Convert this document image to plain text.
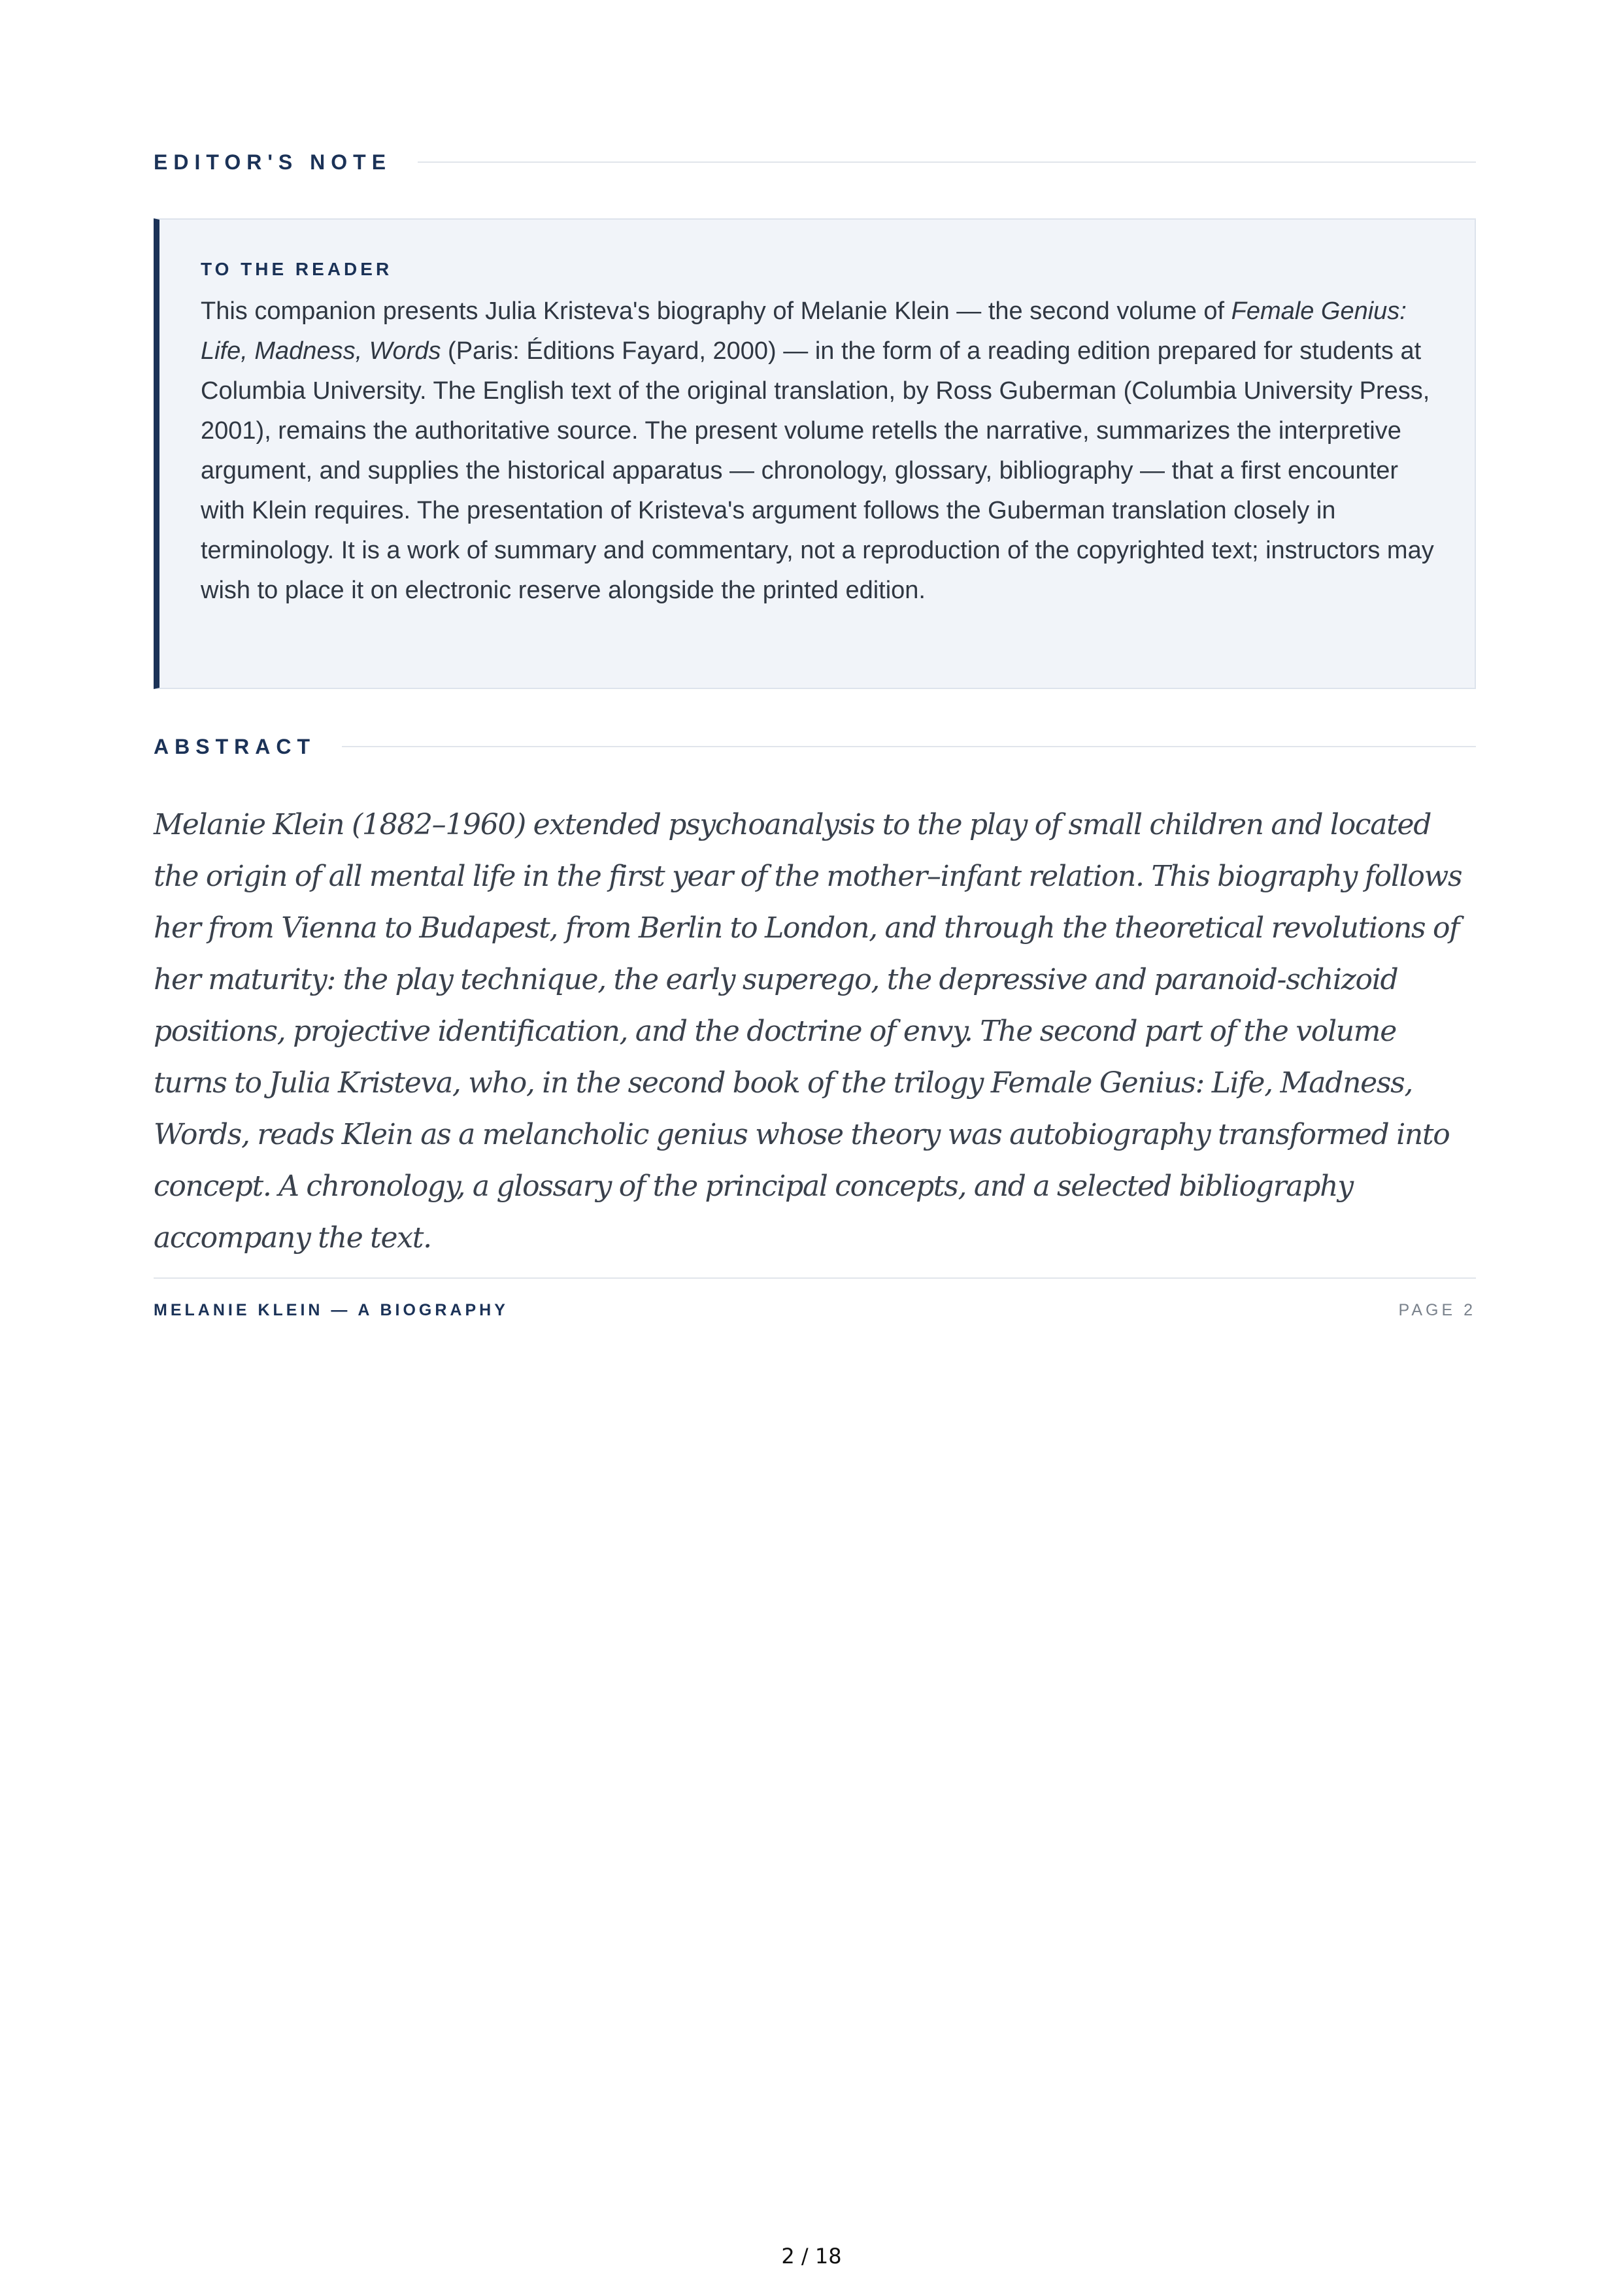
EDITOR'S NOTE
TO THE READER

This companion presents Julia Kristeva's biography of Melanie Klein — the second volume of Female Genius: Life, Madness, Words (Paris: Éditions Fayard, 2000) — in the form of a reading edition prepared for students at Columbia University. The English text of the original translation, by Ross Guberman (Columbia University Press, 2001), remains the authoritative source. The present volume retells the narrative, summarizes the interpretive argument, and supplies the historical apparatus — chronology, glossary, bibliography — that a first encounter with Klein requires. The presentation of Kristeva's argument follows the Guberman translation closely in terminology. It is a work of summary and commentary, not a reproduction of the copyrighted text; instructors may wish to place it on electronic reserve alongside the printed edition.

ABSTRACT

Melanie Klein (1882–1960) extended psychoanalysis to the play of small children and located the origin of all mental life in the first year of the mother–infant relation. This biography follows her from Vienna to Budapest, from Berlin to London, and through the theoretical revolutions of her maturity: the play technique, the early superego, the depressive and paranoid-schizoid positions, projective identification, and the doctrine of envy. The second part of the volume turns to Julia Kristeva, who, in the second book of the trilogy Female Genius: Life, Madness, Words, reads Klein as a melancholic genius whose theory was autobiography transformed into concept. A chronology, a glossary of the principal concepts, and a selected bibliography accompany the text.

MELANIE KLEIN — A BIOGRAPHY	PAGE 2
2 / 18
